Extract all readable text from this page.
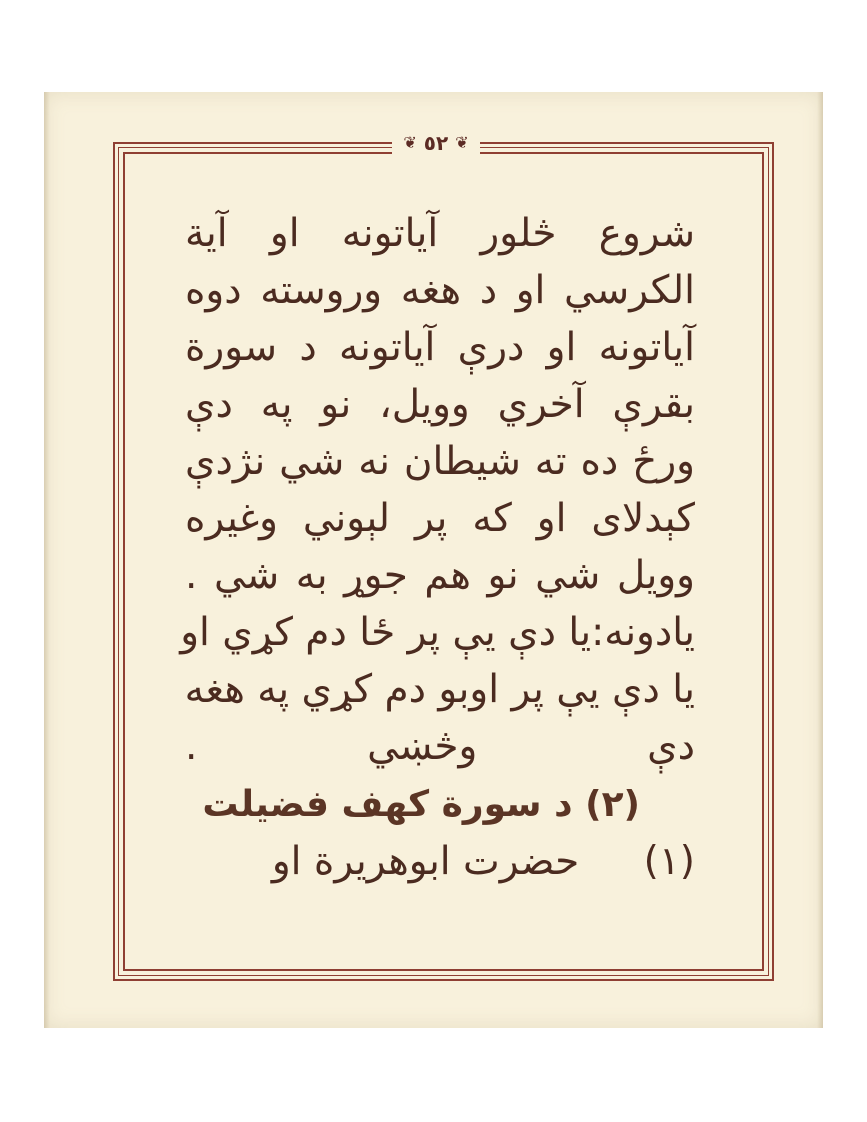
❦ ٥٢ ❦
شروع څلور آیاتونه او آیة
الکرسي او د هغه وروسته دوه
آیاتونه او درې آیاتونه د سورة
بقرې آخري وویل، نو په دې
ورځ ده ته شیطان نه شي نژدې
کېدلای او که پر لېوني وغیره
وویل شي نو هم جوړ به شي .
یادونه:یا دې یې پر ځا دم کړي او
یا دې یې پر اوبو دم کړي په هغه
دې وڅښي .
(۲) د سورة کهف فضیلت
(۱) حضرت ابوهریرة او
